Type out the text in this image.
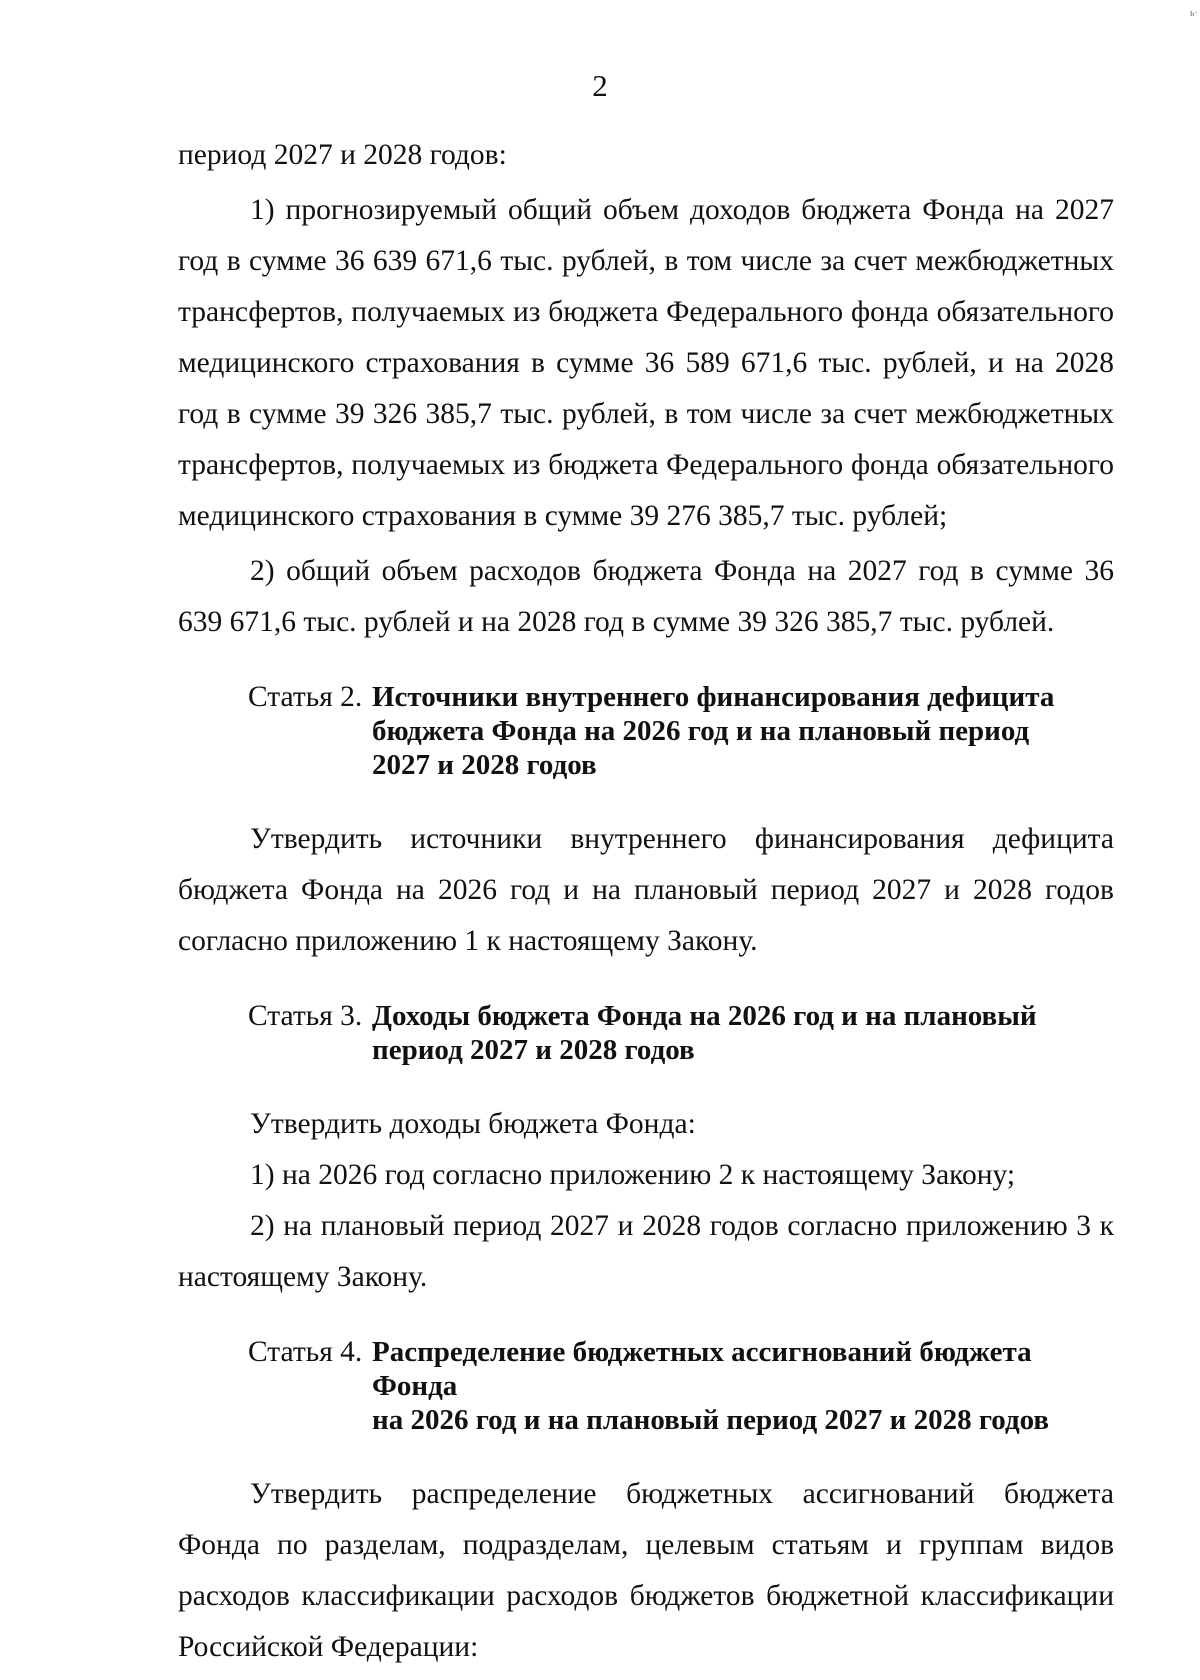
ь·
2

период 2027 и 2028 годов:

1) прогнозируемый общий объем доходов бюджета Фонда на 2027 год в сумме 36 639 671,6 тыс. рублей, в том числе за счет межбюджетных трансфертов, получаемых из бюджета Федерального фонда обязательного медицинского страхования в сумме 36 589 671,6 тыс. рублей, и на 2028 год в сумме 39 326 385,7 тыс. рублей, в том числе за счет межбюджетных трансфертов, получаемых из бюджета Федерального фонда обязательного медицинского страхования в сумме 39 276 385,7 тыс. рублей;

2) общий объем расходов бюджета Фонда на 2027 год в сумме 36 639 671,6 тыс. рублей и на 2028 год в сумме 39 326 385,7 тыс. рублей.

Статья 2. Источники внутреннего финансирования дефицита
бюджета Фонда на 2026 год и на плановый период
2027 и 2028 годов

Утвердить источники внутреннего финансирования дефицита бюджета Фонда на 2026 год и на плановый период 2027 и 2028 годов согласно приложению 1 к настоящему Закону.

Статья 3. Доходы бюджета Фонда на 2026 год и на плановый
период 2027 и 2028 годов

Утвердить доходы бюджета Фонда:

1) на 2026 год согласно приложению 2 к настоящему Закону;

2) на плановый период 2027 и 2028 годов согласно приложению 3 к настоящему Закону.

Статья 4. Распределение бюджетных ассигнований бюджета Фонда
на 2026 год и на плановый период 2027 и 2028 годов

Утвердить распределение бюджетных ассигнований бюджета Фонда по разделам, подразделам, целевым статьям и группам видов расходов классификации расходов бюджетов бюджетной классификации Российской Федерации:
